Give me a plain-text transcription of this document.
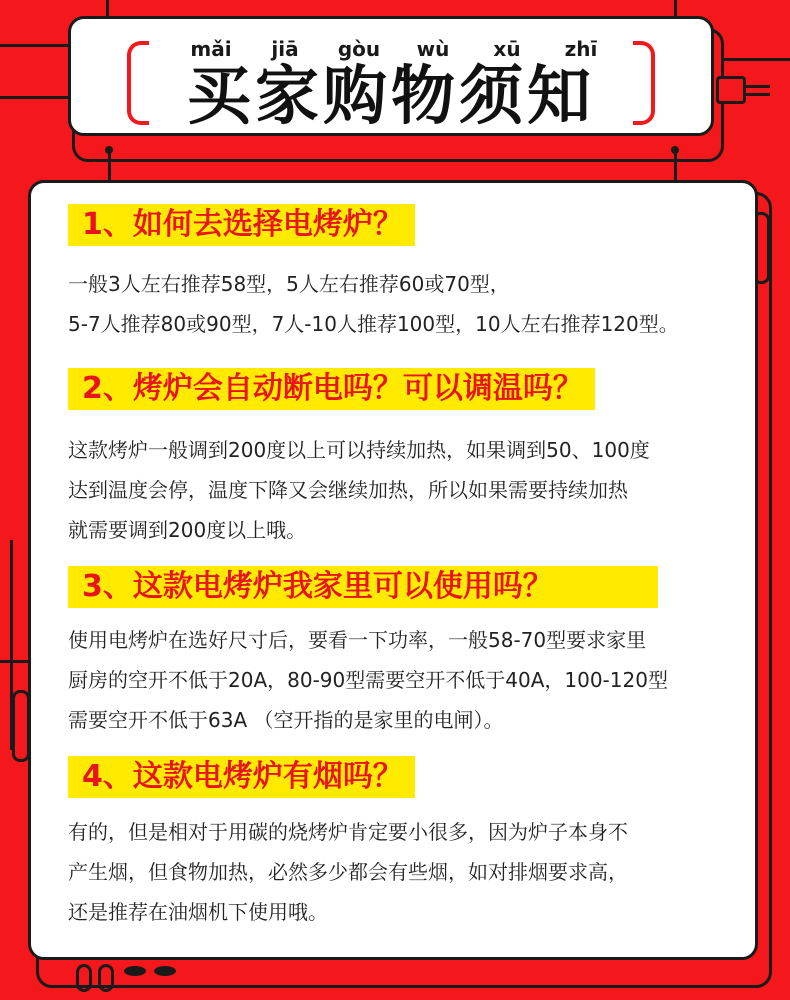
mǎi	jiā	gòu	wù	xū	zhī
买家购物须知
1、如何去选择电烤炉？

一般3人左右推荐58型，5人左右推荐60或70型，

5-7人推荐80或90型，7人-10人推荐100型，10人左右推荐120型。

2、烤炉会自动断电吗？可以调温吗？

这款烤炉一般调到200度以上可以持续加热，如果调到50、100度

达到温度会停，温度下降又会继续加热，所以如果需要持续加热

就需要调到200度以上哦。

3、这款电烤炉我家里可以使用吗？

使用电烤炉在选好尺寸后，要看一下功率，一般58-70型要求家里

厨房的空开不低于20A，80-90型需要空开不低于40A，100-120型

需要空开不低于63A （空开指的是家里的电闸）。

4、这款电烤炉有烟吗？

有的，但是相对于用碳的烧烤炉肯定要小很多，因为炉子本身不

产生烟，但食物加热，必然多少都会有些烟，如对排烟要求高，

还是推荐在油烟机下使用哦。
